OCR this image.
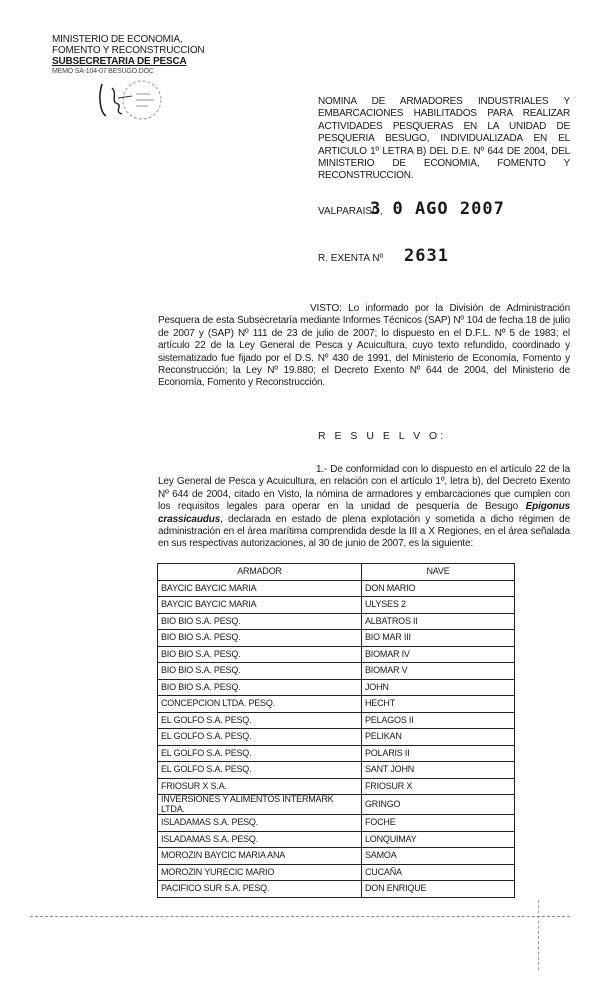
MINISTERIO DE ECONOMIA,
FOMENTO Y RECONSTRUCCION
SUBSECRETARIA DE PESCA
MEMO SA-104-07 BESUGO.DOC
NOMINA DE ARMADORES INDUSTRIALES Y EMBARCACIONES HABILITADOS PARA REALIZAR ACTIVIDADES PESQUERAS EN LA UNIDAD DE PESQUERIA BESUGO, INDIVIDUALIZADA EN EL ARTICULO 1º LETRA B) DEL D.E. Nº 644 DE 2004, DEL MINISTERIO DE ECONOMIA, FOMENTO Y RECONSTRUCCION.
VALPARAISO,
3 0 AGO 2007
R. EXENTA Nº 2631
VISTO: Lo informado por la División de Administración Pesquera de esta Subsecretaría mediante Informes Técnicos (SAP) Nº 104 de fecha 18 de julio de 2007 y (SAP) Nº 111 de 23 de julio de 2007; lo dispuesto en el D.F.L. Nº 5 de 1983; el artículo 22 de la Ley General de Pesca y Acuicultura, cuyo texto refundido, coordinado y sistematizado fue fijado por el D.S. Nº 430 de 1991, del Ministerio de Economía, Fomento y Reconstrucción; la Ley Nº 19.880; el Decreto Exento Nº 644 de 2004, del Ministerio de Economía, Fomento y Reconstrucción.
R E S U E L V O:
1.- De conformidad con lo dispuesto en el artículo 22 de la Ley General de Pesca y Acuicultura, en relación con el artículo 1º, letra b), del Decreto Exento Nº 644 de 2004, citado en Visto, la nómina de armadores y embarcaciones que cumplen con los requisitos legales para operar en la unidad de pesquería de Besugo Epigonus crassicaudus, declarada en estado de plena explotación y sometida a dicho régimen de administración en el área marítima comprendida desde la III a X Regiones, en el área señalada en sus respectivas autorizaciones, al 30 de junio de 2007, es la siguiente:
ARMADOR	NAVE
BAYCIC BAYCIC MARIA	DON MARIO
BAYCIC BAYCIC MARIA	ULYSES 2
BIO BIO S.A. PESQ.	ALBATROS II
BIO BIO S.A. PESQ.	BIO MAR III
BIO BIO S.A. PESQ.	BIOMAR IV
BIO BIO S.A. PESQ.	BIOMAR V
BIO BIO S.A. PESQ.	JOHN
CONCEPCION LTDA. PESQ.	HECHT
EL GOLFO S.A. PESQ.	PELAGOS II
EL GOLFO S.A. PESQ.	PELIKAN
EL GOLFO S.A. PESQ.	POLARIS II
EL GOLFO S.A. PESQ.	SANT JOHN
FRIOSUR X S.A.	FRIOSUR X
INVERSIONES Y ALIMENTOS INTERMARK LTDA.	GRINGO
ISLADAMAS S.A. PESQ.	FOCHE
ISLADAMAS S.A. PESQ.	LONQUIMAY
MOROZIN BAYCIC MARIA ANA	SAMOA
MOROZIN YURECIC MARIO	CUCAÑA
PACIFICO SUR S.A. PESQ.	DON ENRIQUE
